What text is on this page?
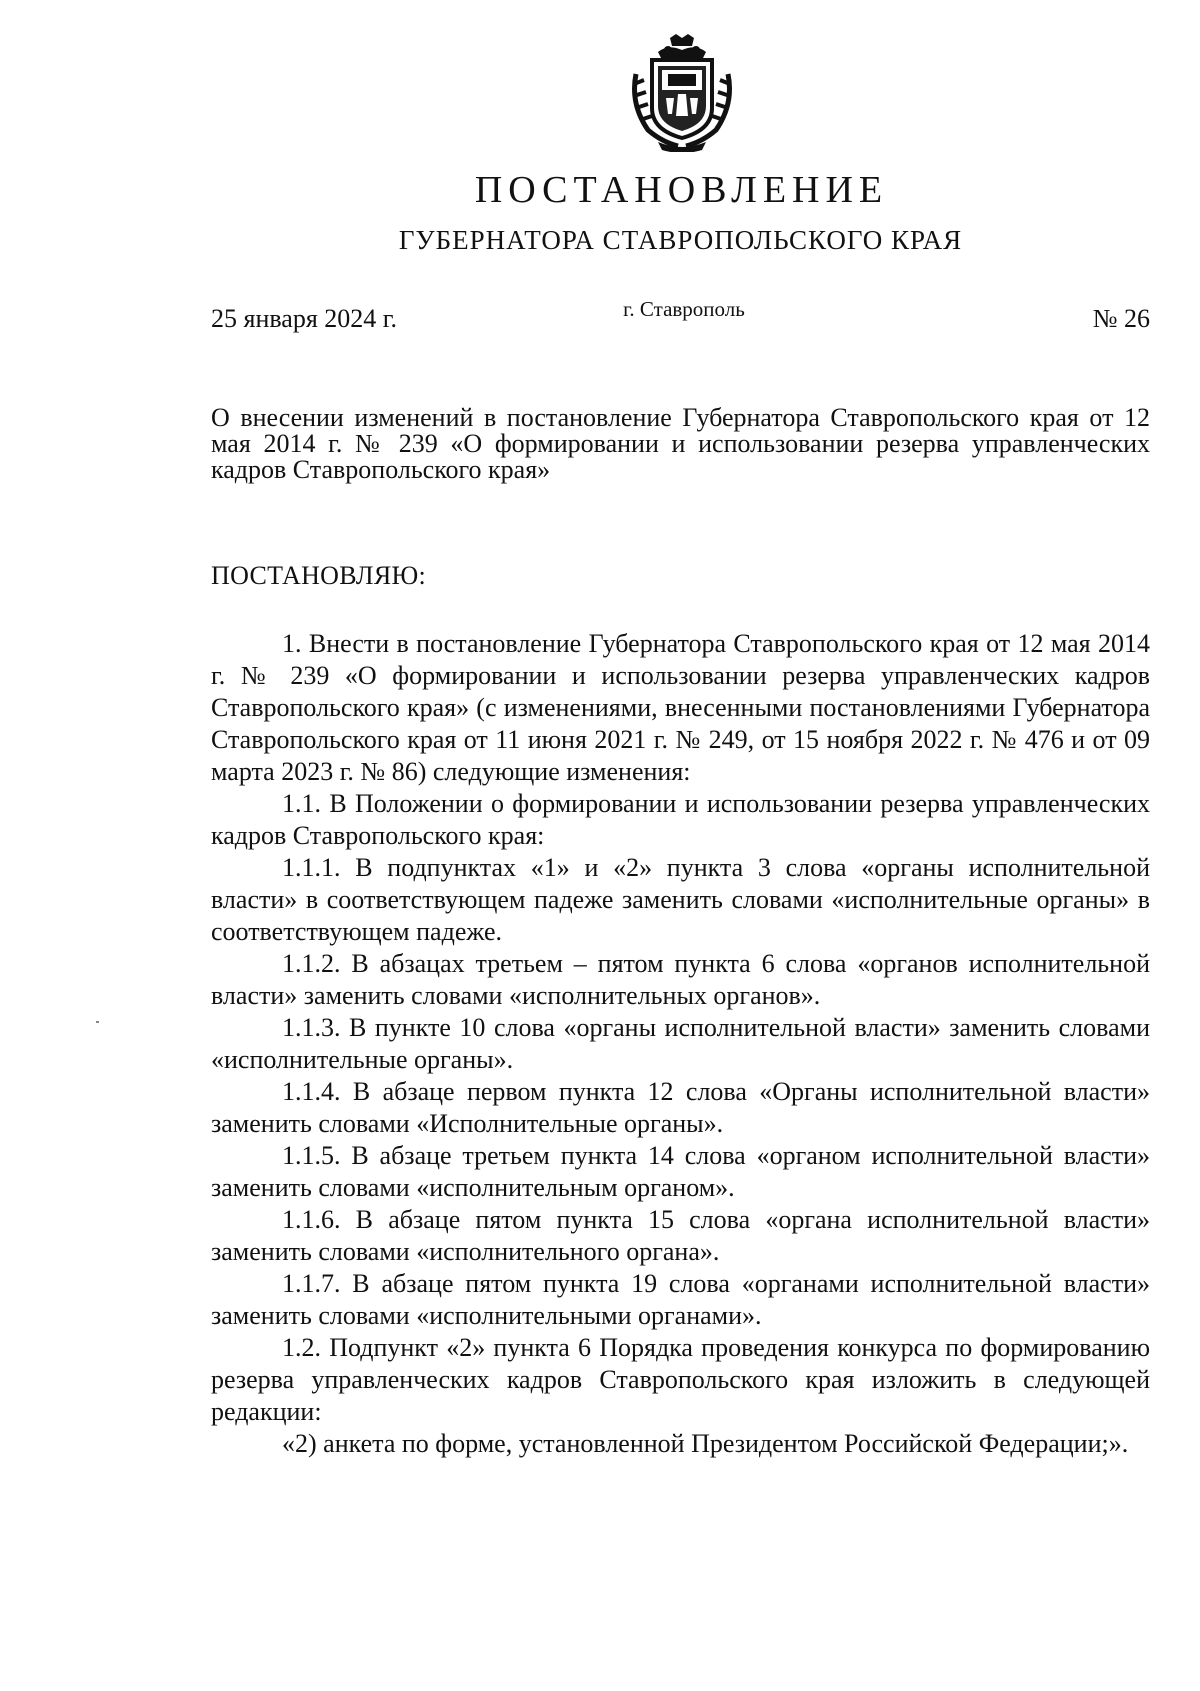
ПОСТАНОВЛЕНИЕ
ГУБЕРНАТОРА СТАВРОПОЛЬСКОГО КРАЯ
25 января 2024 г.	г. Ставрополь	№ 26
О внесении изменений в постановление Губернатора Ставропольского края от 12 мая 2014 г. № 239 «О формировании и использовании резерва управленческих кадров Ставропольского края»
ПОСТАНОВЛЯЮ:

1. Внести в постановление Губернатора Ставропольского края от 12 мая 2014 г. № 239 «О формировании и использовании резерва управленческих кадров Ставропольского края» (с изменениями, внесенными постановлениями Губернатора Ставропольского края от 11 июня 2021 г. № 249, от 15 ноября 2022 г. № 476 и от 09 марта 2023 г. № 86) следующие изменения:

1.1. В Положении о формировании и использовании резерва управленческих кадров Ставропольского края:

1.1.1. В подпунктах «1» и «2» пункта 3 слова «органы исполнительной власти» в соответствующем падеже заменить словами «исполнительные органы» в соответствующем падеже.

1.1.2. В абзацах третьем – пятом пункта 6 слова «органов исполнительной власти» заменить словами «исполнительных органов».

1.1.3. В пункте 10 слова «органы исполнительной власти» заменить словами «исполнительные органы».

1.1.4. В абзаце первом пункта 12 слова «Органы исполнительной власти» заменить словами «Исполнительные органы».

1.1.5. В абзаце третьем пункта 14 слова «органом исполнительной власти» заменить словами «исполнительным органом».

1.1.6. В абзаце пятом пункта 15 слова «органа исполнительной власти» заменить словами «исполнительного органа».

1.1.7. В абзаце пятом пункта 19 слова «органами исполнительной власти» заменить словами «исполнительными органами».

1.2. Подпункт «2» пункта 6 Порядка проведения конкурса по формированию резерва управленческих кадров Ставропольского края изложить в следующей редакции:

«2) анкета по форме, установленной Президентом Российской Федерации;».
